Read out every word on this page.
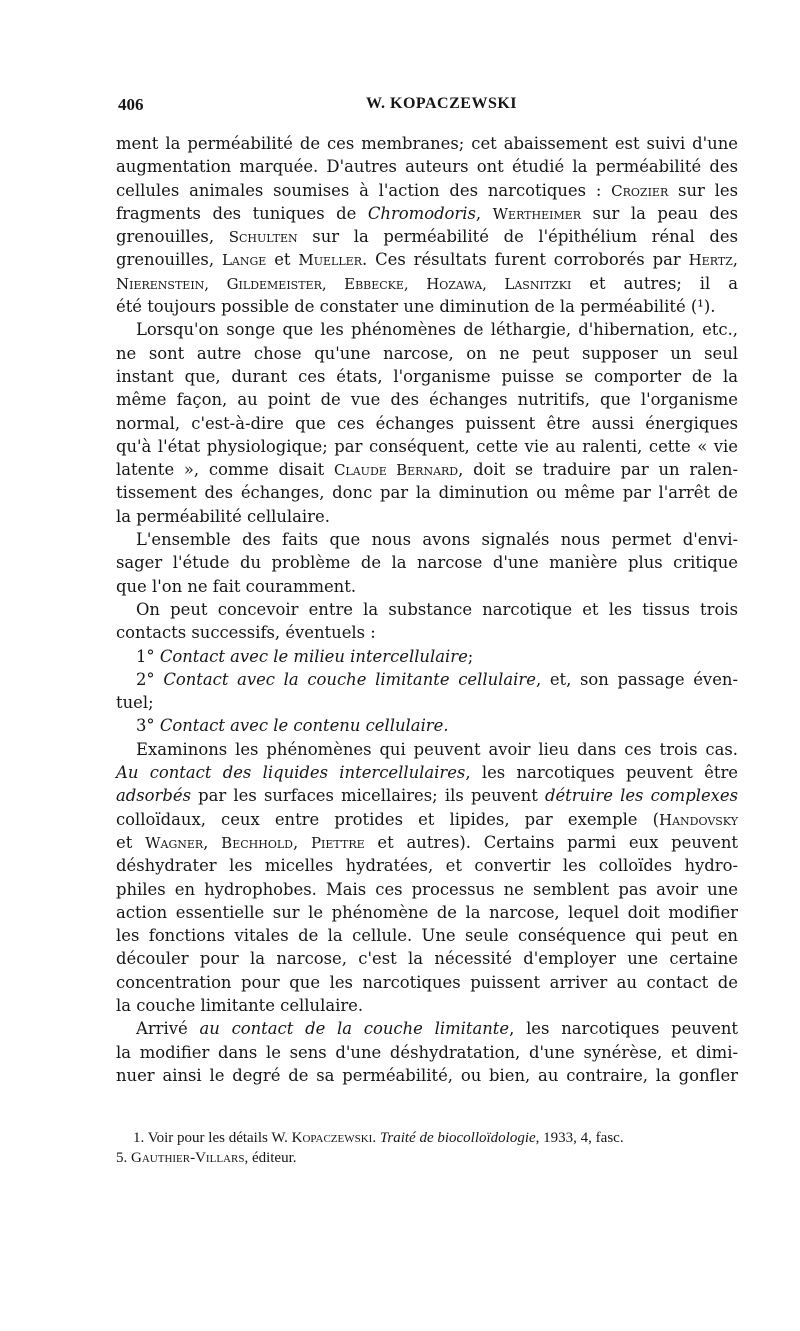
406	W. KOPACZEWSKI
ment la perméabilité de ces membranes; cet abaissement est suivi d'une
augmentation marquée. D'autres auteurs ont étudié la perméabilité des
cellules animales soumises à l'action des narcotiques : Crozier sur les
fragments des tuniques de Chromodoris, Wertheimer sur la peau des
grenouilles, Schulten sur la perméabilité de l'épithélium rénal des
grenouilles, Lange et Mueller. Ces résultats furent corroborés par Hertz,
Nierenstein, Gildemeister, Ebbecke, Hozawa, Lasnitzki et autres; il a
été toujours possible de constater une diminution de la perméabilité (¹).
Lorsqu'on songe que les phénomènes de léthargie, d'hibernation, etc.,
ne sont autre chose qu'une narcose, on ne peut supposer un seul
instant que, durant ces états, l'organisme puisse se comporter de la
même façon, au point de vue des échanges nutritifs, que l'organisme
normal, c'est-à-dire que ces échanges puissent être aussi énergiques
qu'à l'état physiologique; par conséquent, cette vie au ralenti, cette « vie
latente », comme disait Claude Bernard, doit se traduire par un ralen-
tissement des échanges, donc par la diminution ou même par l'arrêt de
la perméabilité cellulaire.
L'ensemble des faits que nous avons signalés nous permet d'envi-
sager l'étude du problème de la narcose d'une manière plus critique
que l'on ne fait couramment.
On peut concevoir entre la substance narcotique et les tissus trois
contacts successifs, éventuels :
1° Contact avec le milieu intercellulaire;
2° Contact avec la couche limitante cellulaire, et, son passage éven-
tuel;
3° Contact avec le contenu cellulaire.
Examinons les phénomènes qui peuvent avoir lieu dans ces trois cas.
Au contact des liquides intercellulaires, les narcotiques peuvent être
adsorbés par les surfaces micellaires; ils peuvent détruire les complexes
colloïdaux, ceux entre protides et lipides, par exemple (Handovsky
et Wagner, Bechhold, Piettre et autres). Certains parmi eux peuvent
déshydrater les micelles hydratées, et convertir les colloïdes hydro-
philes en hydrophobes. Mais ces processus ne semblent pas avoir une
action essentielle sur le phénomène de la narcose, lequel doit modifier
les fonctions vitales de la cellule. Une seule conséquence qui peut en
découler pour la narcose, c'est la nécessité d'employer une certaine
concentration pour que les narcotiques puissent arriver au contact de
la couche limitante cellulaire.
Arrivé au contact de la couche limitante, les narcotiques peuvent
la modifier dans le sens d'une déshydratation, d'une synérèse, et dimi-
nuer ainsi le degré de sa perméabilité, ou bien, au contraire, la gonfler
1. Voir pour les détails W. Kopaczewski. Traité de biocolloïdologie, 1933, 4, fasc.
5. Gauthier-Villars, éditeur.
